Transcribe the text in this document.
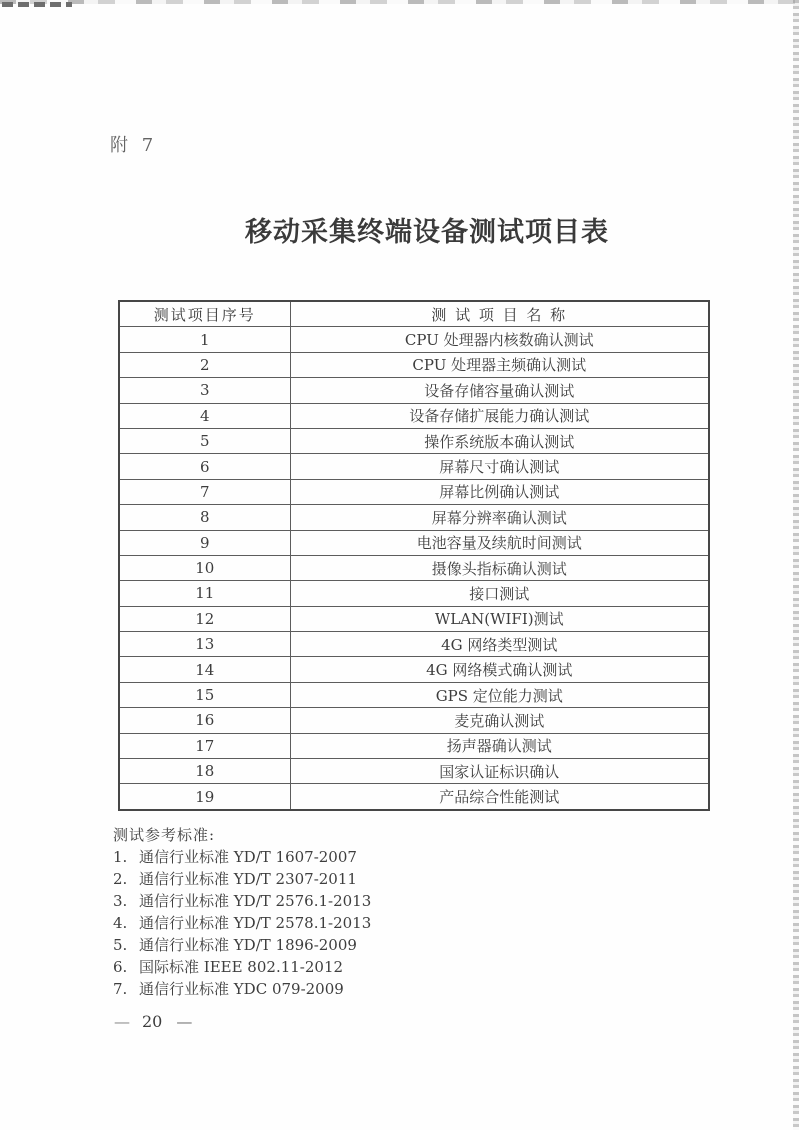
附 7
移动采集终端设备测试项目表
测试项目序号	测 试 项 目 名 称
1	CPU 处理器内核数确认测试
2	CPU 处理器主频确认测试
3	设备存储容量确认测试
4	设备存储扩展能力确认测试
5	操作系统版本确认测试
6	屏幕尺寸确认测试
7	屏幕比例确认测试
8	屏幕分辨率确认测试
9	电池容量及续航时间测试
10	摄像头指标确认测试
11	接口测试
12	WLAN(WIFI)测试
13	4G 网络类型测试
14	4G 网络模式确认测试
15	GPS 定位能力测试
16	麦克确认测试
17	扬声器确认测试
18	国家认证标识确认
19	产品综合性能测试
测试参考标准:
1. 通信行业标准 YD/T 1607-2007
2. 通信行业标准 YD/T 2307-2011
3. 通信行业标准 YD/T 2576.1-2013
4. 通信行业标准 YD/T 2578.1-2013
5. 通信行业标准 YD/T 1896-2009
6. 国际标准 IEEE 802.11-2012
7. 通信行业标准 YDC 079-2009
— 20 —
